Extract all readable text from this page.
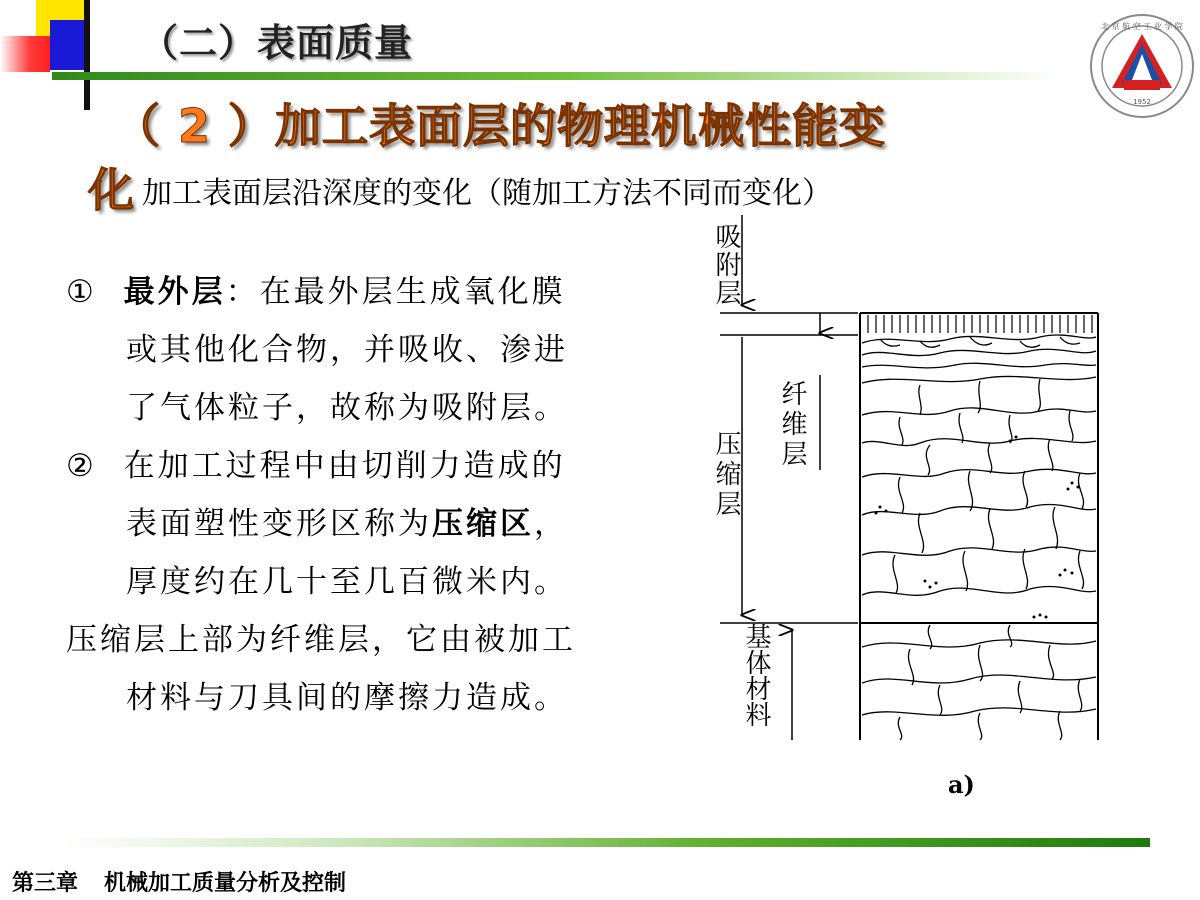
（二）表面质量	北 京 航 空 工 业 学 院
1952
（ 2 ）加工表面层的物理机械性能变
化 加工表面层沿深度的变化（随加工方法不同而变化）
① 最外层：在最外层生成氧化膜
或其他化合物，并吸收、渗进
了气体粒子，故称为吸附层。
② 在加工过程中由切削力造成的
表面塑性变形区称为压缩区，
厚度约在几十至几百微米内。
压缩层上部为纤维层，它由被加工
材料与刀具间的摩擦力造成。
吸附层
压缩层
纤维层
基体材料
a)
第三章 机械加工质量分析及控制
